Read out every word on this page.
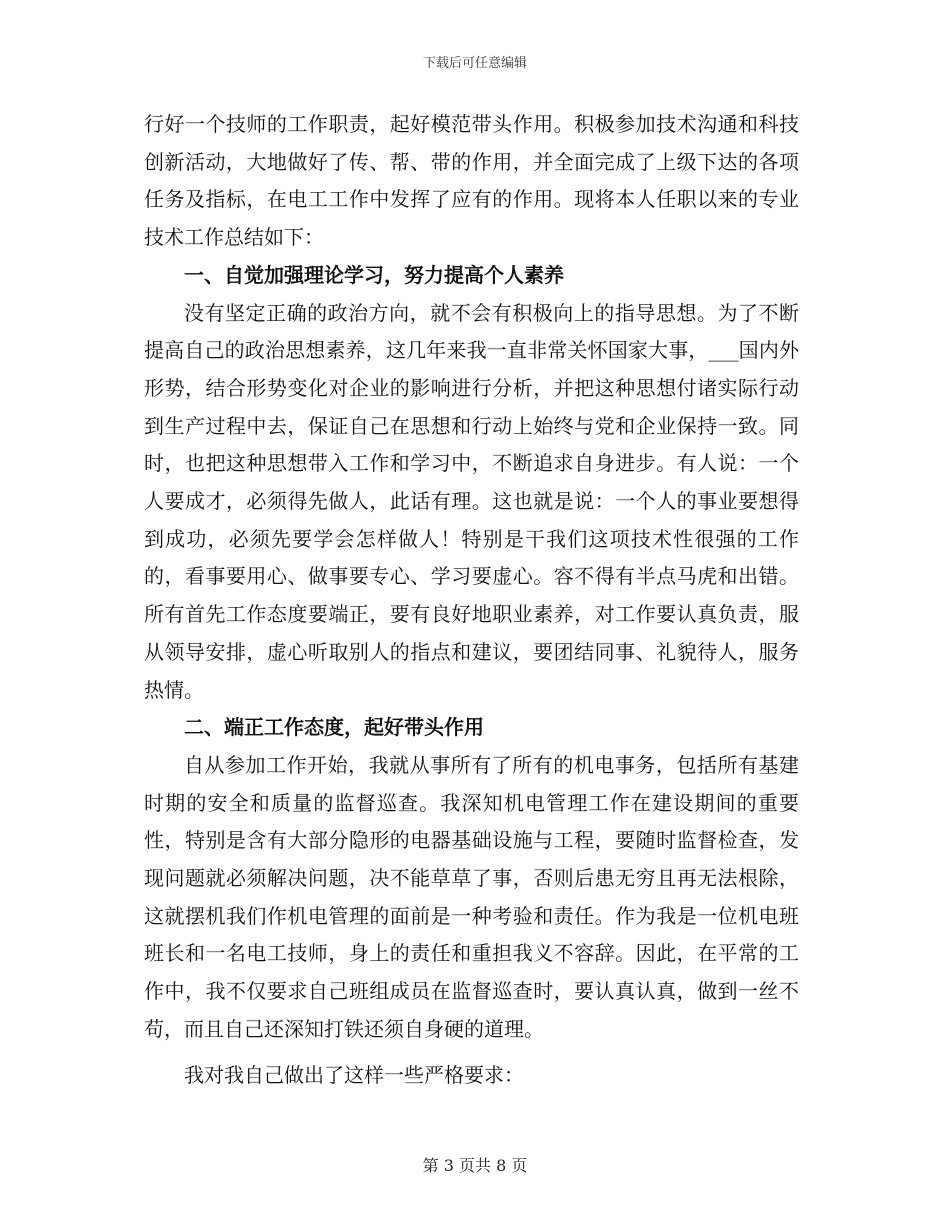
下载后可任意编辑

行好一个技师的工作职责，起好模范带头作用。积极参加技术沟通和科技创新活动，大地做好了传、帮、带的作用，并全面完成了上级下达的各项任务及指标，在电工工作中发挥了应有的作用。现将本人任职以来的专业技术工作总结如下：

一、自觉加强理论学习，努力提高个人素养

没有坚定正确的政治方向，就不会有积极向上的指导思想。为了不断提高自己的政治思想素养，这几年来我一直非常关怀国家大事，___国内外形势，结合形势变化对企业的影响进行分析，并把这种思想付诸实际行动到生产过程中去，保证自己在思想和行动上始终与党和企业保持一致。同时，也把这种思想带入工作和学习中，不断追求自身进步。有人说：一个人要成才，必须得先做人，此话有理。这也就是说：一个人的事业要想得到成功，必须先要学会怎样做人！特别是干我们这项技术性很强的工作的，看事要用心、做事要专心、学习要虚心。容不得有半点马虎和出错。所有首先工作态度要端正，要有良好地职业素养，对工作要认真负责，服从领导安排，虚心听取别人的指点和建议，要团结同事、礼貌待人，服务热情。

二、端正工作态度，起好带头作用

自从参加工作开始，我就从事所有了所有的机电事务，包括所有基建时期的安全和质量的监督巡查。我深知机电管理工作在建设期间的重要性，特别是含有大部分隐形的电器基础设施与工程，要随时监督检查，发现问题就必须解决问题，决不能草草了事，否则后患无穷且再无法根除，这就摆机我们作机电管理的面前是一种考验和责任。作为我是一位机电班班长和一名电工技师，身上的责任和重担我义不容辞。因此，在平常的工作中，我不仅要求自己班组成员在监督巡查时，要认真认真，做到一丝不苟，而且自己还深知打铁还须自身硬的道理。

我对我自己做出了这样一些严格要求：

第 3 页共 8 页
